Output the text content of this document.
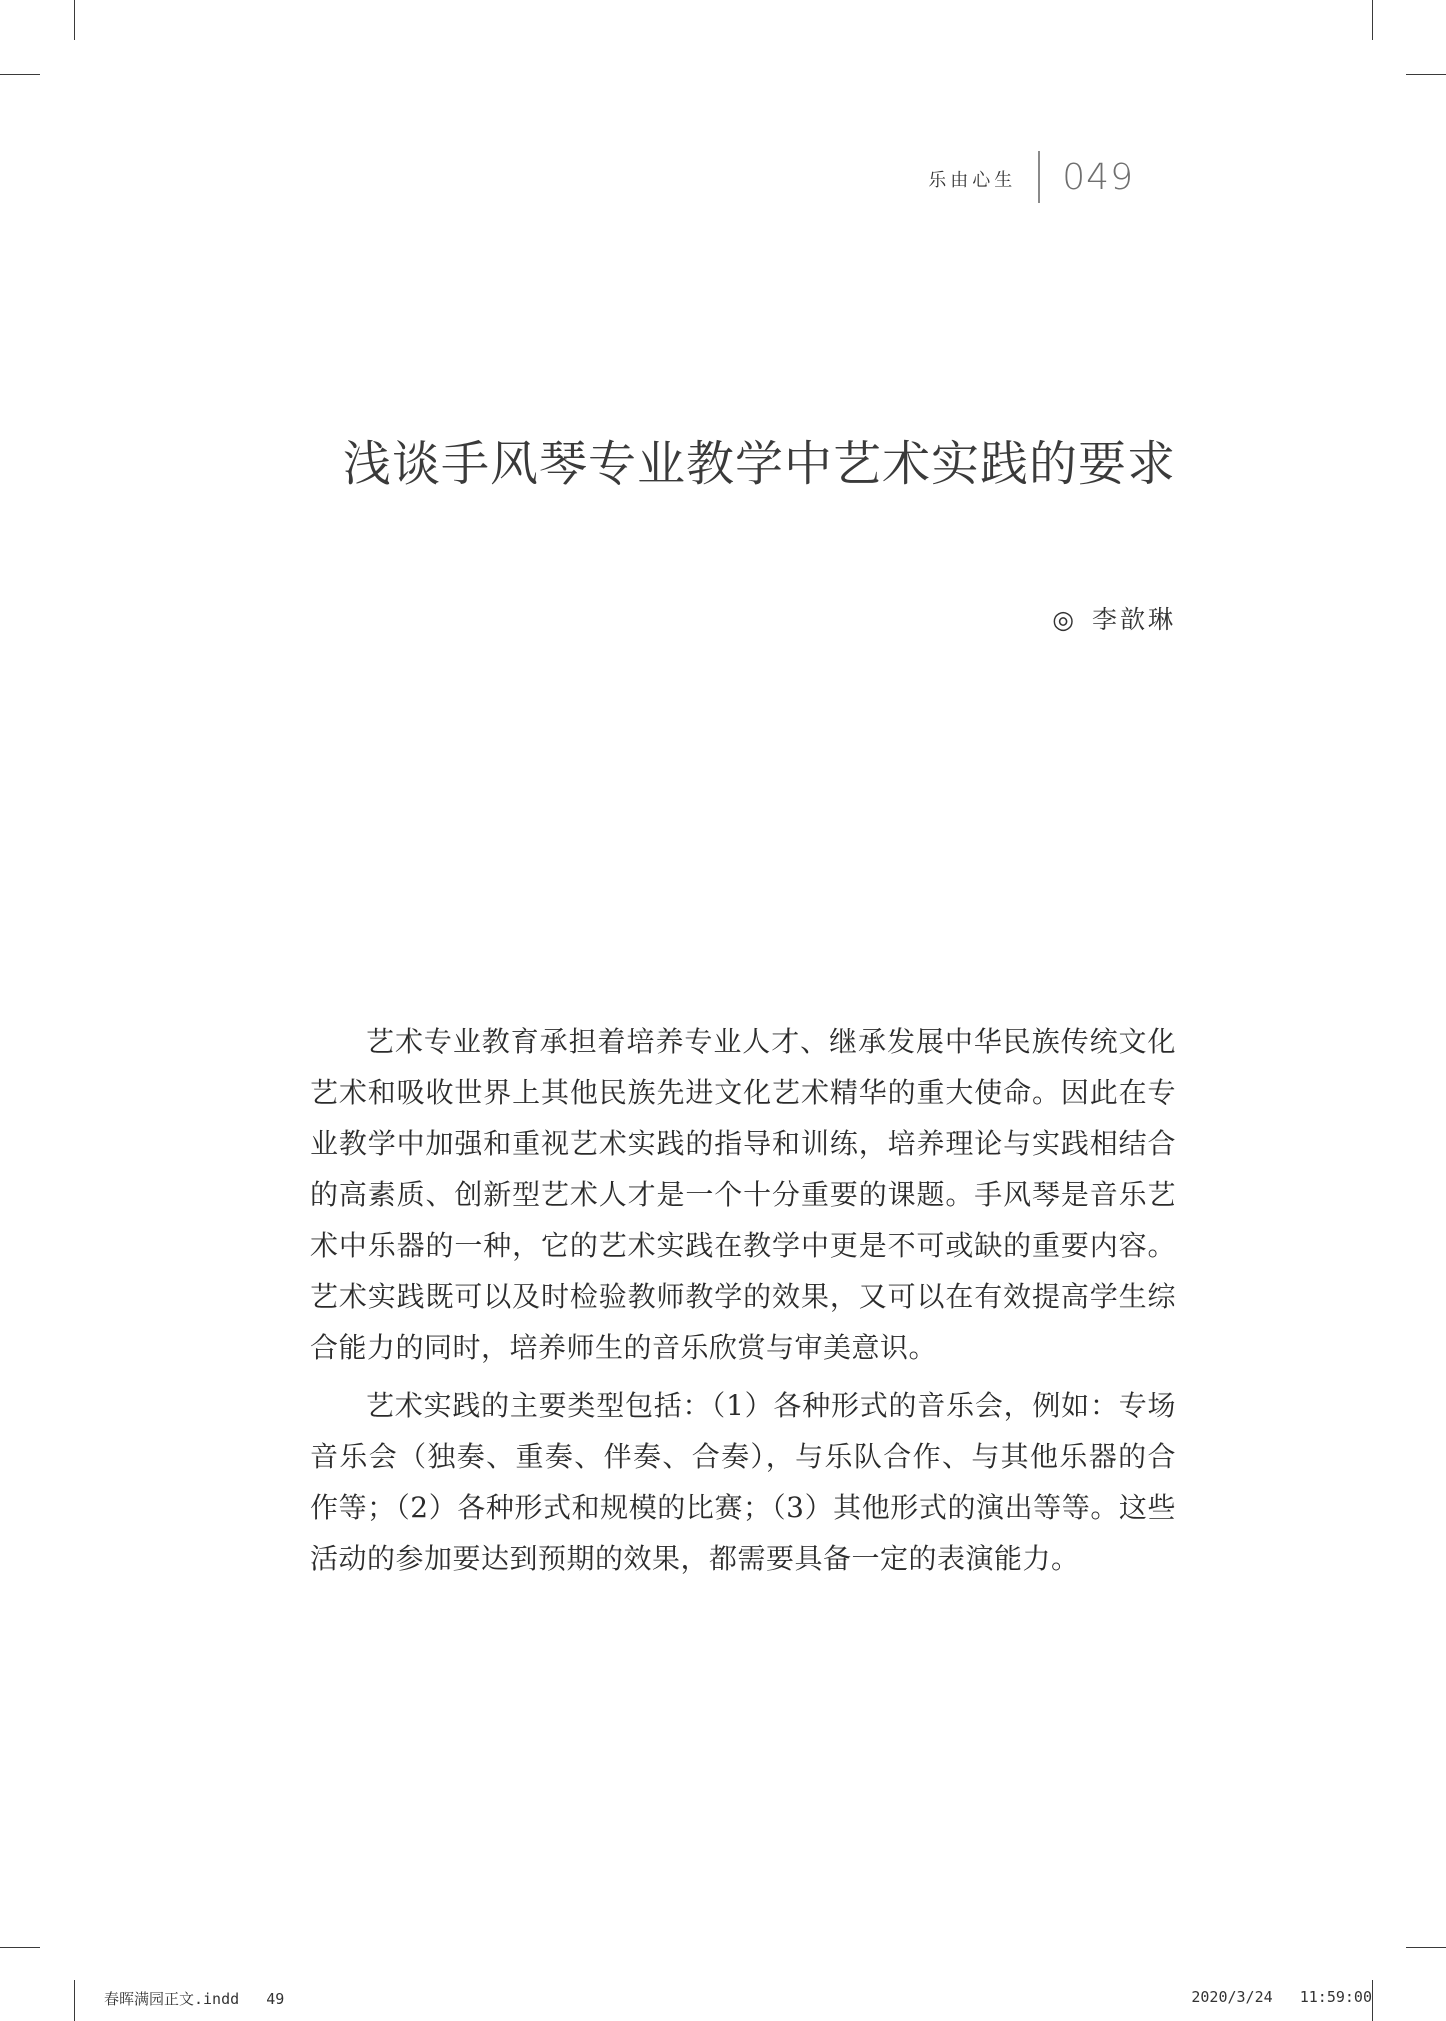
乐由心生 049
浅谈手风琴专业教学中艺术实践的要求
◎ 李歆琳

艺术专业教育承担着培养专业人才、继承发展中华民族传统文化艺术和吸收世界上其他民族先进文化艺术精华的重大使命。因此在专业教学中加强和重视艺术实践的指导和训练，培养理论与实践相结合的高素质、创新型艺术人才是一个十分重要的课题。手风琴是音乐艺术中乐器的一种，它的艺术实践在教学中更是不可或缺的重要内容。艺术实践既可以及时检验教师教学的效果，又可以在有效提高学生综合能力的同时，培养师生的音乐欣赏与审美意识。

艺术实践的主要类型包括：（1）各种形式的音乐会，例如：专场音乐会（独奏、重奏、伴奏、合奏），与乐队合作、与其他乐器的合作等；（2）各种形式和规模的比赛；（3）其他形式的演出等等。这些活动的参加要达到预期的效果，都需要具备一定的表演能力。

春晖满园正文.indd   49	2020/3/24   11:59:00
